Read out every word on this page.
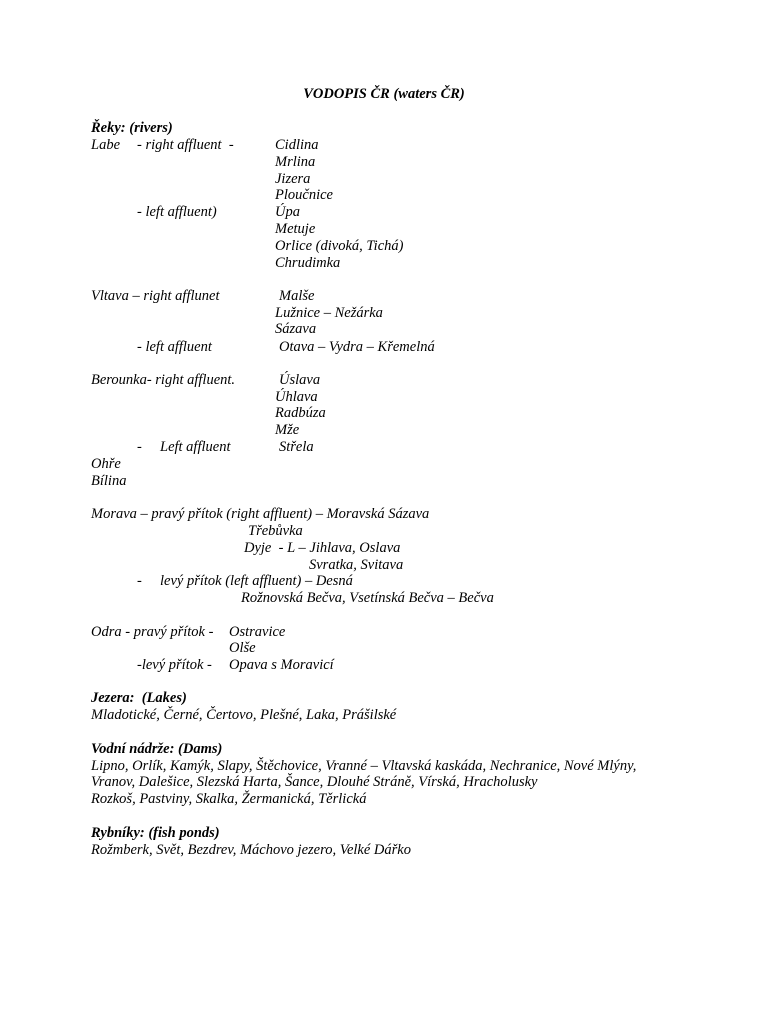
VODOPIS ČR (waters ČR)
Řeky: (rivers)
Labe - right affluent  -	Cidlina
Mrlina
Jizera
Ploučnice
- left affluent)	Úpa
Metuje
Orlice (divoká, Tichá)
Chrudimka
Vltava – right afflunet	Malše
Lužnice – Nežárka
Sázava
- left affluent	Otava – Vydra – Křemelná
Berounka- right affluent.	Úslava
Úhlava
Radbúza
Mže
- Left affluent	Střela
Ohře
Bílina
Morava – pravý přítok (right affluent) – Moravská Sázava
Třebůvka
Dyje  - L – Jihlava, Oslava
Svratka, Svitava
- levý přítok (left affluent) – Desná
Rožnovská Bečva, Vsetínská Bečva – Bečva
Odra - pravý přítok - Ostravice
Olše
-levý přítok - Opava s Moravicí
Jezera:  (Lakes)
Mladotické, Černé, Čertovo, Plešné, Laka, Prášilské
Vodní nádrže: (Dams)
Lipno, Orlík, Kamýk, Slapy, Štěchovice, Vranné – Vltavská kaskáda, Nechranice, Nové Mlýny,
Vranov, Dalešice, Slezská Harta, Šance, Dlouhé Stráně, Vírská, Hracholusky
Rozkoš, Pastviny, Skalka, Žermanická, Těrlická
Rybníky: (fish ponds)
Rožmberk, Svět, Bezdrev, Máchovo jezero, Velké Dářko
